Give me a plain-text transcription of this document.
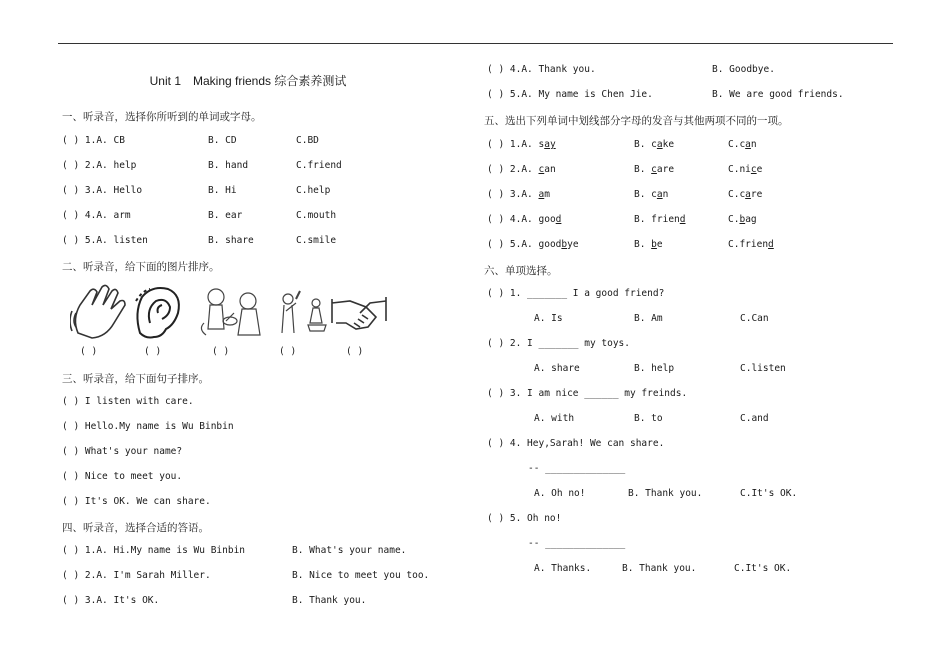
Unit 1　Making friends 综合素养测试
一、听录音，选择你所听到的单词或字母。
( ) 1.A. CB	B. CD	C.BD
( ) 2.A. help	B. hand	C.friend
( ) 3.A. Hello	B. Hi	C.help
( ) 4.A. arm	B. ear	C.mouth
( ) 5.A. listen	B. share	C.smile
二、听录音，给下面的图片排序。
( )	( )	( )	( )	( )
三、听录音，给下面句子排序。
( ) I listen with care.
( ) Hello.My name is Wu Binbin
( ) What's your name?
( ) Nice to meet you.
( ) It's OK. We can share.
四、听录音，选择合适的答语。
( ) 1.A. Hi.My name is Wu Binbin	B. What's your name.
( ) 2.A. I'm Sarah Miller.	B. Nice to meet you too.
( ) 3.A. It's OK.	B. Thank you.
( ) 4.A. Thank you.	B. Goodbye.
( ) 5.A. My name is Chen Jie.	B. We are good friends.
五、选出下列单词中划线部分字母的发音与其他两项不同的一项。
( ) 1.A. say	B. cake	C.can
( ) 2.A. can	B. care	C.nice
( ) 3.A. am	B. can	C.care
( ) 4.A. good	B. friend	C.bag
( ) 5.A. goodbye	B. be	C.friend
六、单项选择。
( ) 1. _______ I a good friend?
A. Is	B. Am	C.Can
( ) 2. I _______ my toys.
A. share	B. help	C.listen
( ) 3. I am nice ______ my freinds.
A. with	B. to	C.and
( ) 4. Hey,Sarah! We can share.
-- ______________
A. Oh no!	B. Thank you.	C.It's OK.
( ) 5. Oh no!
-- ______________
A. Thanks.	B. Thank you.	C.It's OK.
